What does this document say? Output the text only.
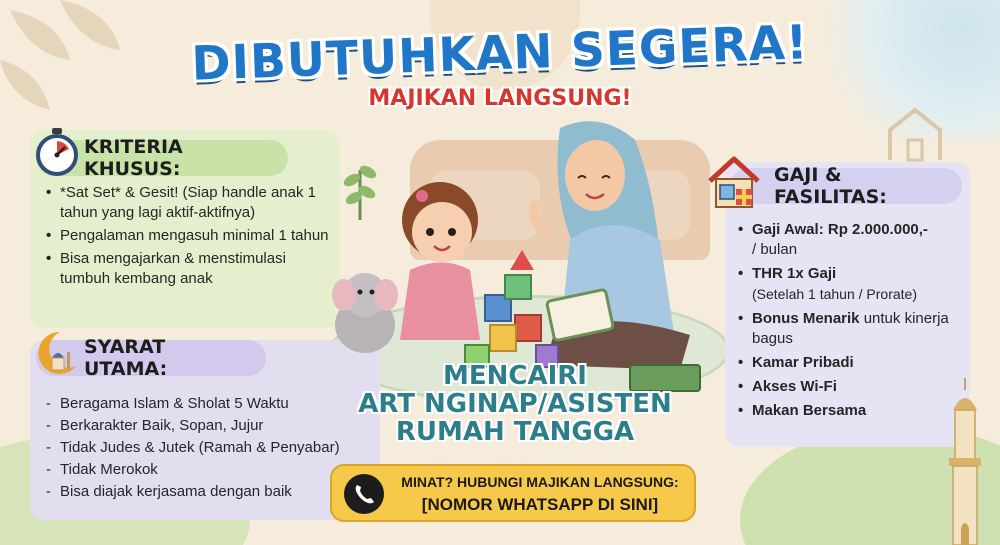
DIBUTUHKAN SEGERA!
MAJIKAN LANGSUNG!
KRITERIA KHUSUS:
• *Sat Set* & Gesit! (Siap handle anak 1 tahun yang lagi aktif-aktifnya)
• Pengalaman mengasuh minimal 1 tahun
• Bisa mengajarkan & menstimulasi tumbuh kembang anak
SYARAT UTAMA:
- Beragama Islam & Sholat 5 Waktu
- Berkarakter Baik, Sopan, Jujur
- Tidak Judes & Jutek (Ramah & Penyabar)
- Tidak Merokok
- Bisa diajak kerjasama dengan baik
GAJI & FASILITAS:
• Gaji Awal: Rp 2.000.000,-
/ bulan
• THR 1x Gaji
(Setelah 1 tahun / Prorate)
• Bonus Menarik untuk kinerja bagus
• Kamar Pribadi
• Akses Wi-Fi
• Makan Bersama
MENCAIRI
ART NGINAP/ASISTEN
RUMAH TANGGA
MINAT? HUBUNGI MAJIKAN LANGSUNG:
[NOMOR WHATSAPP DI SINI]
